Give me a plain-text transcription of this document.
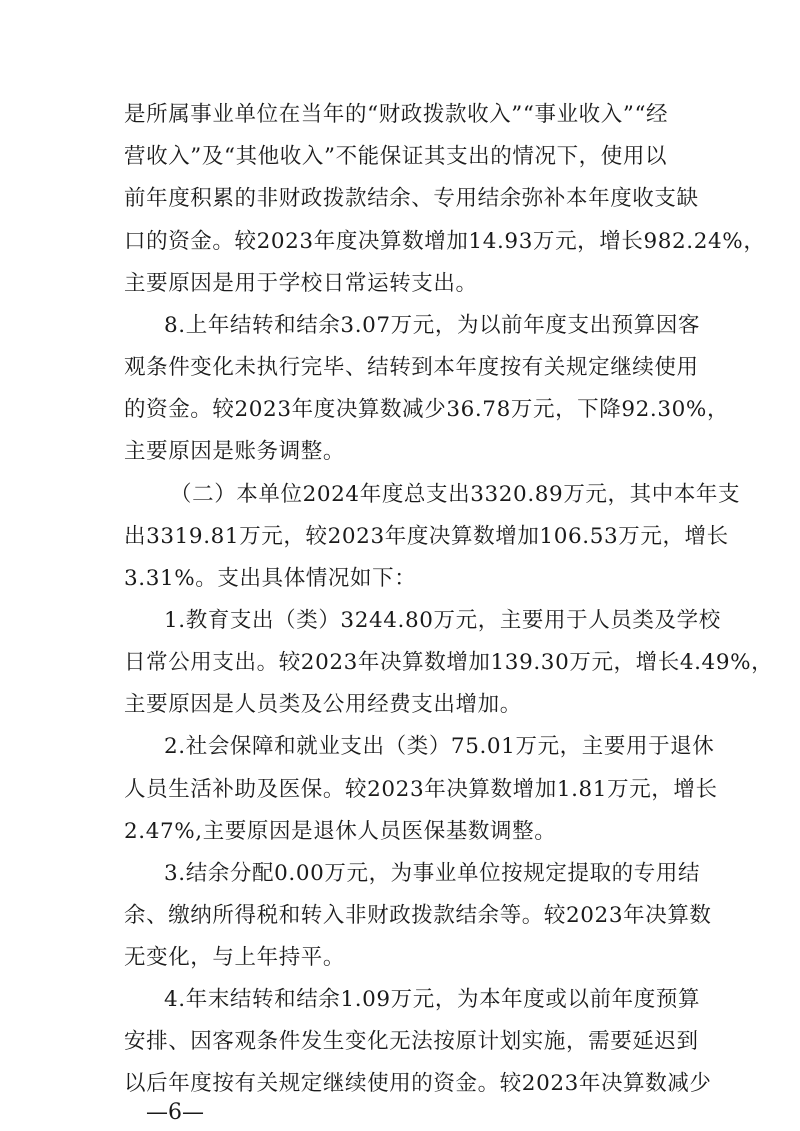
是所属事业单位在当年的“财政拨款收入”“事业收入”“经
营收入”及“其他收入”不能保证其支出的情况下，使用以
前年度积累的非财政拨款结余、专用结余弥补本年度收支缺
口的资金。较2023年度决算数增加14.93万元，增长982.24%，
主要原因是用于学校日常运转支出。
8.上年结转和结余3.07万元，为以前年度支出预算因客
观条件变化未执行完毕、结转到本年度按有关规定继续使用
的资金。较2023年度决算数减少36.78万元，下降92.30%，
主要原因是账务调整。
（二）本单位2024年度总支出3320.89万元，其中本年支
出3319.81万元，较2023年度决算数增加106.53万元，增长
3.31%。支出具体情况如下：
1.教育支出（类）3244.80万元，主要用于人员类及学校
日常公用支出。较2023年决算数增加139.30万元，增长4.49%，
主要原因是人员类及公用经费支出增加。
2.社会保障和就业支出（类）75.01万元，主要用于退休
人员生活补助及医保。较2023年决算数增加1.81万元，增长
2.47%,主要原因是退休人员医保基数调整。
3.结余分配0.00万元，为事业单位按规定提取的专用结
余、缴纳所得税和转入非财政拨款结余等。较2023年决算数
无变化，与上年持平。
4.年末结转和结余1.09万元，为本年度或以前年度预算
安排、因客观条件发生变化无法按原计划实施，需要延迟到
以后年度按有关规定继续使用的资金。较2023年决算数减少
—6—
